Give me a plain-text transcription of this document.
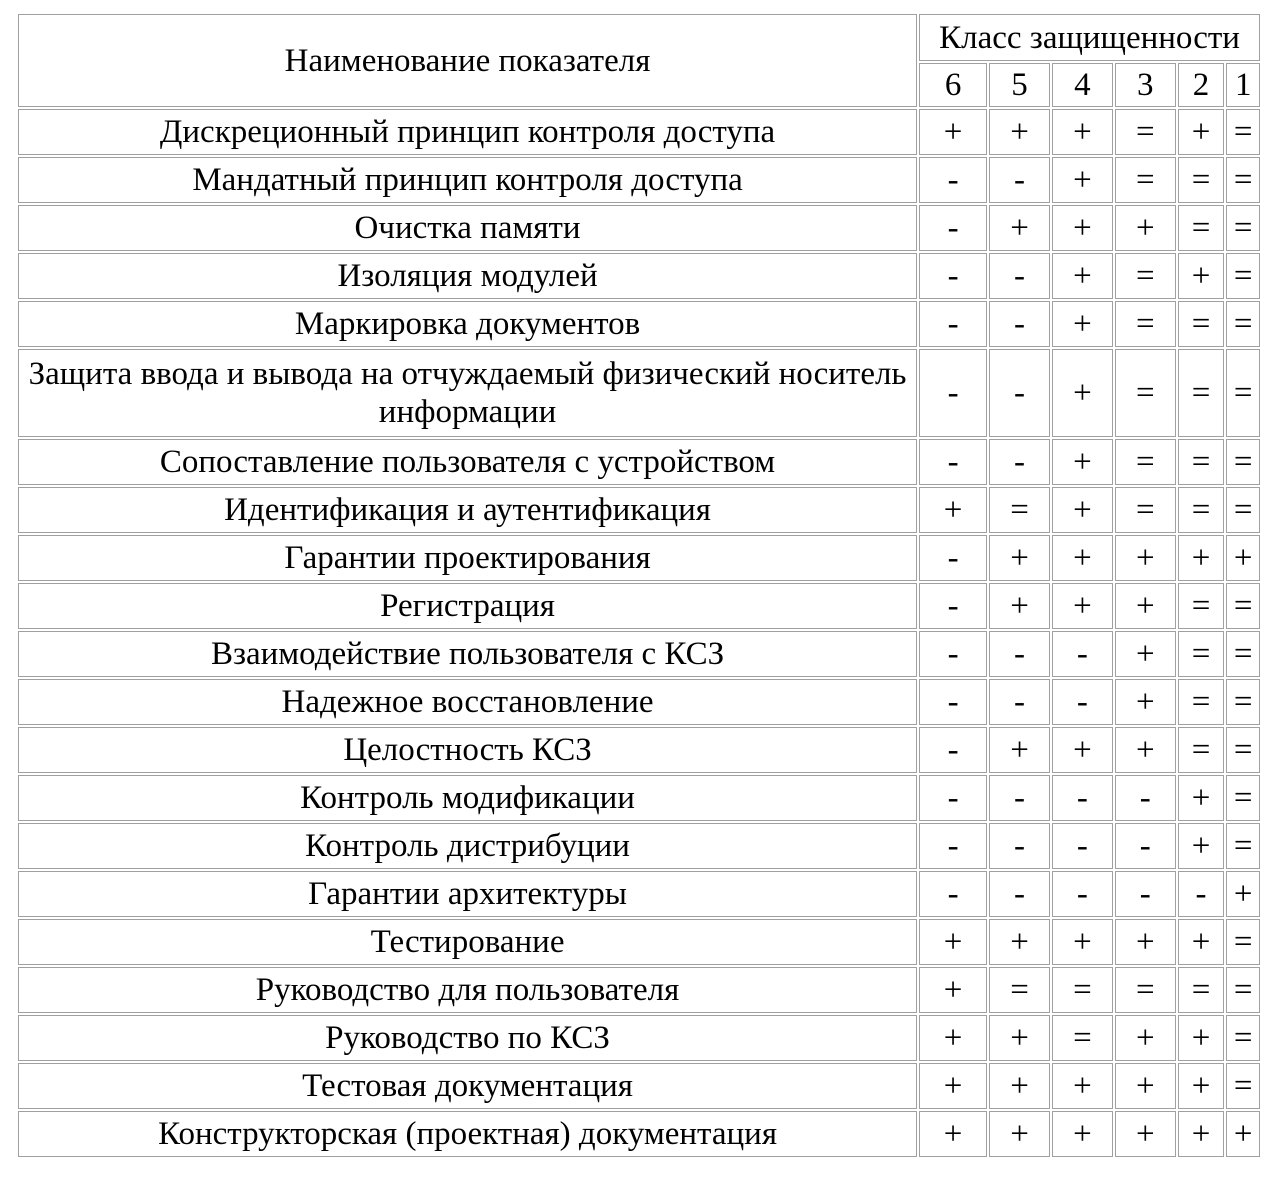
Наименование показателя	Класс защищенности					
	6	5	4	3	2	1
Дискреционный принцип контроля доступа	+	+	+	=	+	=
Мандатный принцип контроля доступа	-	-	+	=	=	=
Очистка памяти	-	+	+	+	=	=
Изоляция модулей	-	-	+	=	+	=
Маркировка документов	-	-	+	=	=	=
Защита ввода и вывода на отчуждаемый физический носитель информации	-	-	+	=	=	=
Сопоставление пользователя с устройством	-	-	+	=	=	=
Идентификация и аутентификация	+	=	+	=	=	=
Гарантии проектирования	-	+	+	+	+	+
Регистрация	-	+	+	+	=	=
Взаимодействие пользователя с КСЗ	-	-	-	+	=	=
Надежное восстановление	-	-	-	+	=	=
Целостность КСЗ	-	+	+	+	=	=
Контроль модификации	-	-	-	-	+	=
Контроль дистрибуции	-	-	-	-	+	=
Гарантии архитектуры	-	-	-	-	-	+
Тестирование	+	+	+	+	+	=
Руководство для пользователя	+	=	=	=	=	=
Руководство по КСЗ	+	+	=	+	+	=
Тестовая документация	+	+	+	+	+	=
Конструкторская (проектная) документация	+	+	+	+	+	+
